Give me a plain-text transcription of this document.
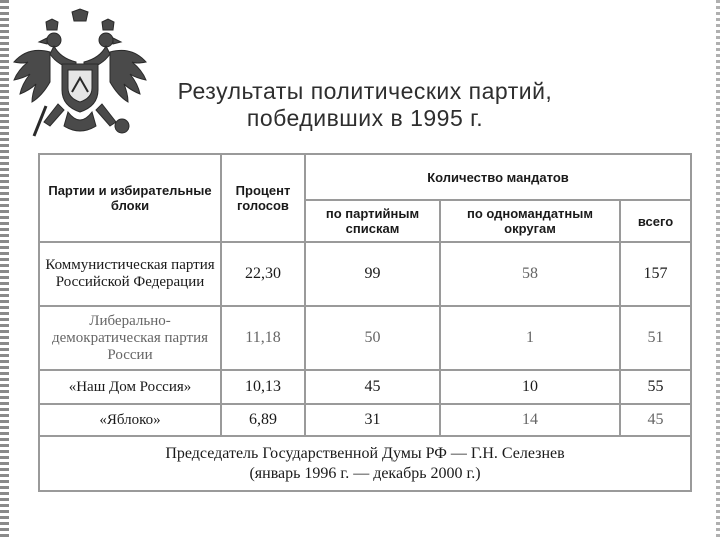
Результаты политических партий,
победивших в 1995 г.
Партии и избирательные блоки	Процент голосов	Количество мандатов		
		по партийным спискам	по одномандатным округам	всего
Коммунистическая партия Российской Федерации	22,30	99	58	157
Либерально-демократическая партия России	11,18	50	1	51
«Наш Дом Россия»	10,13	45	10	55
«Яблоко»	6,89	31	14	45

Председатель Государственной Думы РФ — Г.Н. Селезнев
(январь 1996 г. — декабрь 2000 г.)				
